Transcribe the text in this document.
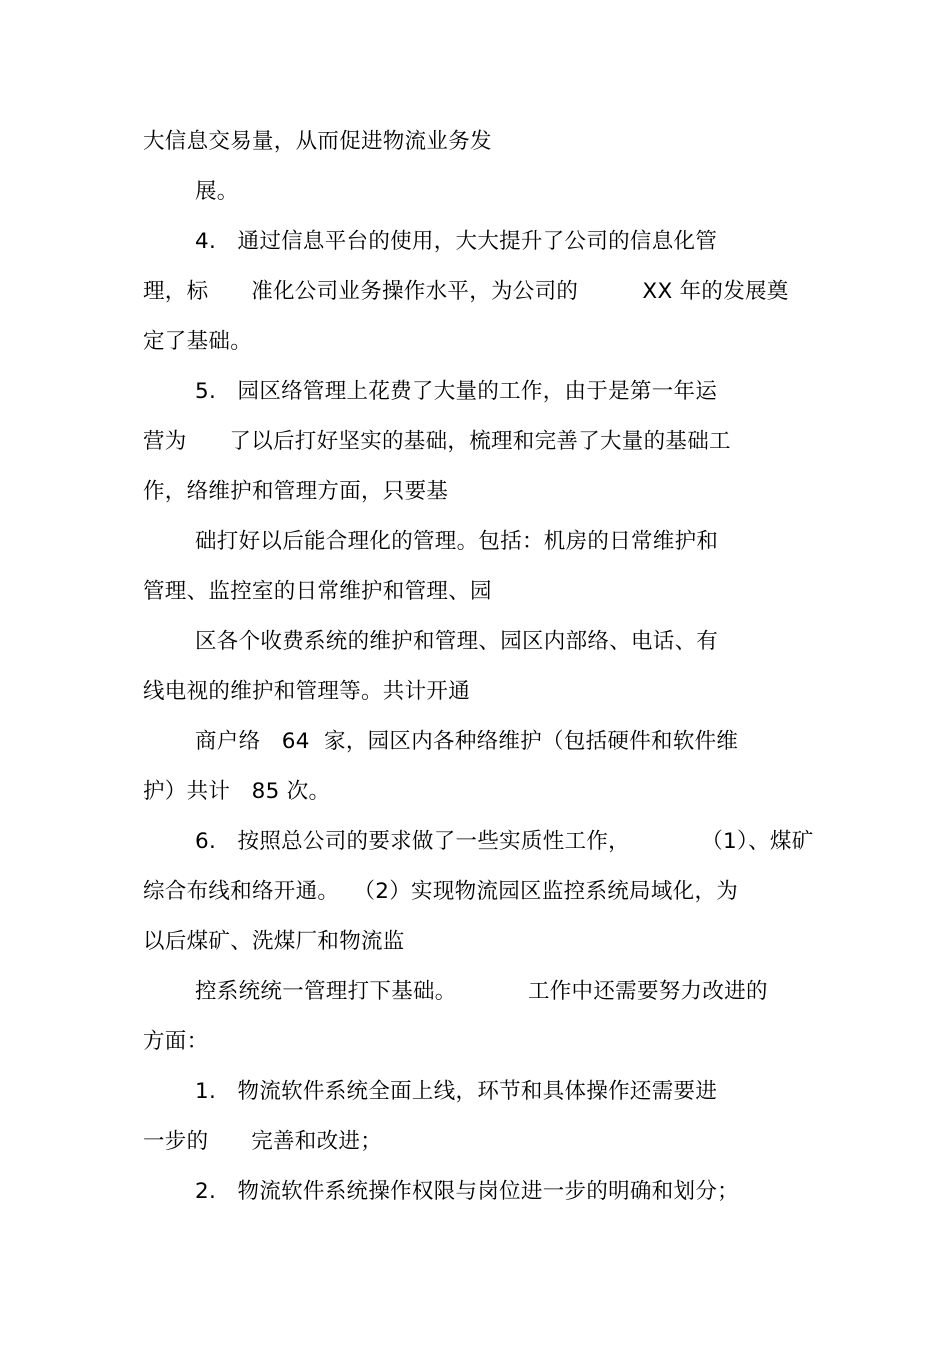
大信息交易量，从而促进物流业务发
展。
4.   通过信息平台的使用，大大提升了公司的信息化管
理，标      准化公司业务操作水平，为公司的         XX 年的发展奠
定了基础。
5.   园区络管理上花费了大量的工作，由于是第一年运
营为      了以后打好坚实的基础，梳理和完善了大量的基础工
作，络维护和管理方面，只要基
础打好以后能合理化的管理。包括：机房的日常维护和
管理、监控室的日常维护和管理、园
区各个收费系统的维护和管理、园区内部络、电话、有
线电视的维护和管理等。共计开通
商户络   64  家，园区内各种络维护（包括硬件和软件维
护）共计   85 次。
6.   按照总公司的要求做了一些实质性工作，          （1）、煤矿
综合布线和络开通。  （2）实现物流园区监控系统局域化，为
以后煤矿、洗煤厂和物流监
控系统统一管理打下基础。          工作中还需要努力改进的
方面：
1.   物流软件系统全面上线，环节和具体操作还需要进
一步的      完善和改进；
2.   物流软件系统操作权限与岗位进一步的明确和划分；
